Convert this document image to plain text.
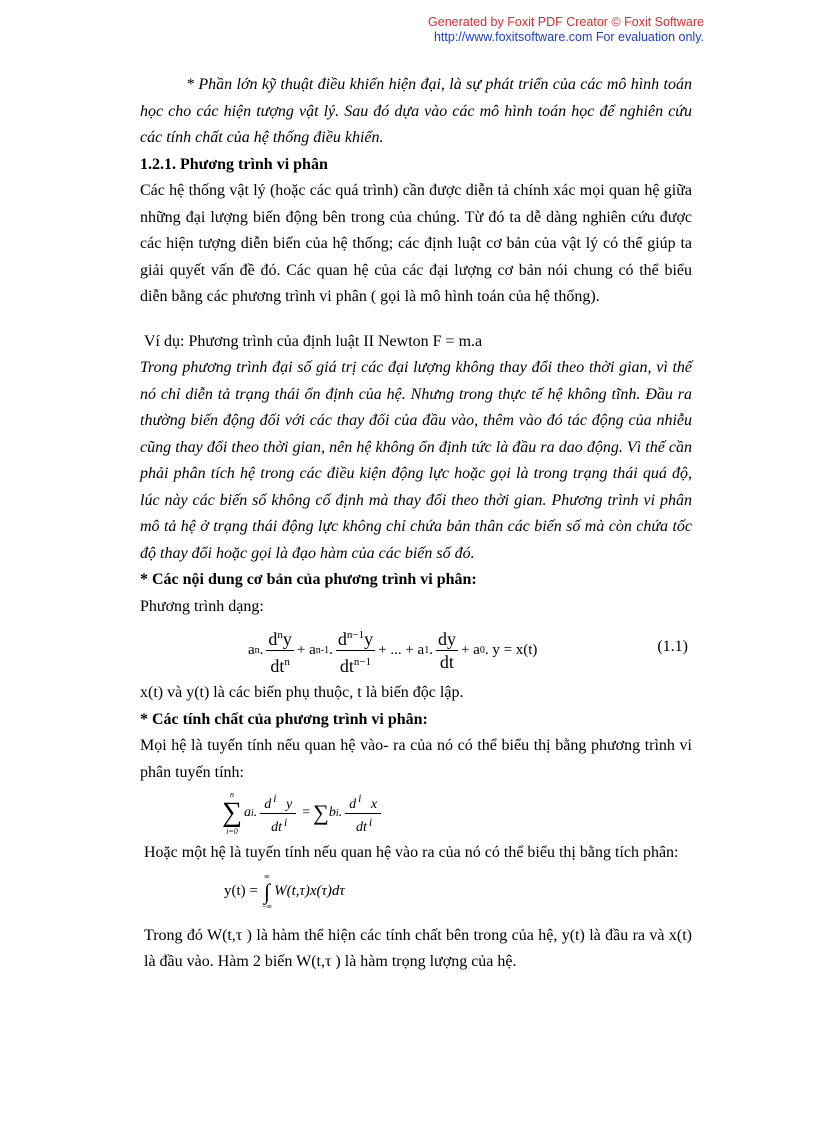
Generated by Foxit PDF Creator © Foxit Software
http://www.foxitsoftware.com For evaluation only.

* Phần lớn kỹ thuật điều khiển hiện đại, là sự phát triển của các mô hình toán học cho các hiện tượng vật lý. Sau đó dựa vào các mô hình toán học để nghiên cứu các tính chất của hệ thống điều khiển.

1.2.1. Phương trình vi phân

Các hệ thống vật lý (hoặc các quá trình) cần được diễn tả chính xác mọi quan hệ giữa những đại lượng biến động bên trong của chúng. Từ đó ta dễ dàng nghiên cứu được các hiện tượng diễn biến của hệ thống; các định luật cơ bản của vật lý có thể giúp ta giải quyết vấn đề đó. Các quan hệ của các đại lượng cơ bản nói chung có thể biểu diễn bằng các phương trình vi phân ( gọi là mô hình toán của hệ thống).

Ví dụ: Phương trình của định luật II Newton F = m.a

Trong phương trình đại số giá trị các đại lượng không thay đổi theo thời gian, vì thế nó chỉ diễn tả trạng thái ổn định của hệ. Nhưng trong thực tế hệ không tĩnh. Đầu ra thường biến động đối với các thay đổi của đầu vào, thêm vào đó tác động của nhiễu cũng thay đổi theo thời gian, nên hệ không ổn định tức là đầu ra dao động. Vì thế cần phải phân tích hệ trong các điều kiện động lực hoặc gọi là trong trạng thái quá độ, lúc này các biến số không cố định mà thay đổi theo thời gian. Phương trình vi phân mô tả hệ ở trạng thái động lực không chỉ chứa bản thân các biến số mà còn chứa tốc độ thay đổi hoặc gọi là đạo hàm của các biến số đó.

* Các nội dung cơ bản của phương trình vi phân:

Phương trình dạng:

a n . $\frac{d^ny}{dt^n} + a$ n-1 . $\frac{d^{n-1}y}{dt^{n-1}}$ + ... + a 1 . $\frac{dy}{dt} + a$ 0 . y = x(t)	(1.1)

x(t) và y(t) là các biến phụ thuộc, t là biến độc lập.

* Các tính chất của phương trình vi phân:

Mọi hệ là tuyến tính nếu quan hệ vào- ra của nó có thể biểu thị bằng phương trình vi phân tuyến tính:

n
∑
i=0
a i . $\frac{d ^i y}{dt ^i}$ = ∑ b i . $\frac{d ^i x}{dt ^i}$

Hoặc một hệ là tuyến tính nếu quan hệ vào ra của nó có thể biểu thị bằng tích phân:

y(t) =
∞
∫
−∞
W(t,τ)x(τ)dτ

Trong đó W(t,τ ) là hàm thể hiện các tính chất bên trong của hệ, y(t) là đầu ra và x(t) là đầu vào. Hàm 2 biến W(t,τ ) là hàm trọng lượng của hệ.
